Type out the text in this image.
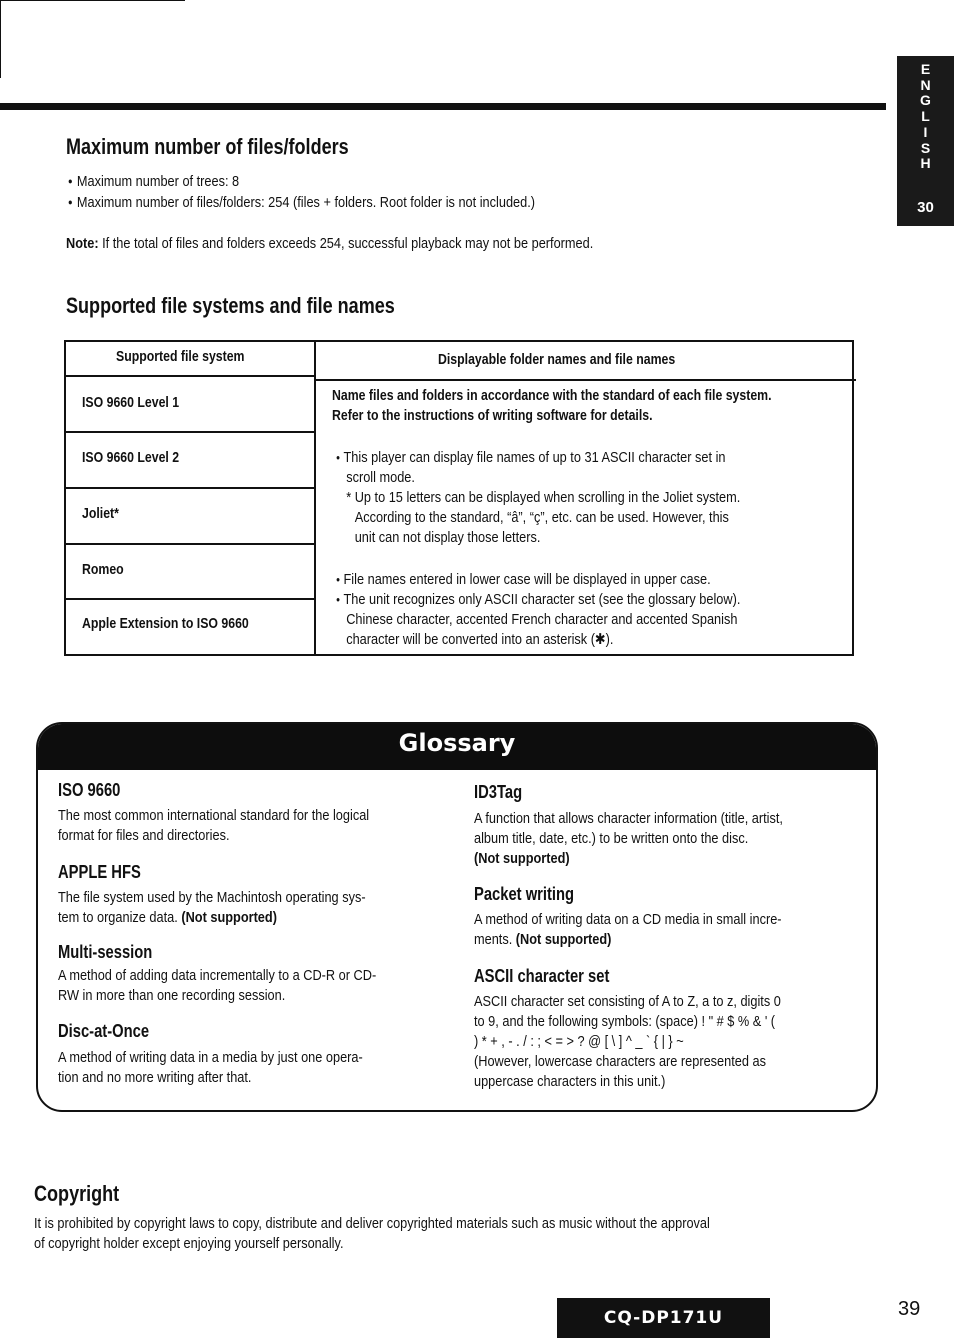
E
N
G
L
I
S
H
30
Maximum number of files/folders
● Maximum number of trees: 8
● Maximum number of files/folders: 254 (files + folders. Root folder is not included.)
Note: If the total of files and folders exceeds 254, successful playback may not be performed.
Supported file systems and file names
Supported file system	Displayable folder names and file names
ISO 9660 Level 1
ISO 9660 Level 2
Joliet*
Romeo
Apple Extension to ISO 9660
Name files and folders in accordance with the standard of each file system.
Refer to the instructions of writing software for details.
● This player can display file names of up to 31 ASCII character set in
scroll mode.
* Up to 15 letters can be displayed when scrolling in the Joliet system.
According to the standard, “â”, “ç”, etc. can be used. However, this
unit can not display those letters.
● File names entered in lower case will be displayed in upper case.
● The unit recognizes only ASCII character set (see the glossary below).
Chinese character, accented French character and accented Spanish
character will be converted into an asterisk (✱).
Glossary
ISO 9660
The most common international standard for the logical
format for files and directories.
APPLE HFS
The file system used by the Machintosh operating sys-
tem to organize data. (Not supported)
Multi-session
A method of adding data incrementally to a CD-R or CD-
RW in more than one recording session.
Disc-at-Once
A method of writing data in a media by just one opera-
tion and no more writing after that.
ID3Tag
A function that allows character information (title, artist,
album title, date, etc.) to be written onto the disc.
(Not supported)
Packet writing
A method of writing data on a CD media in small incre-
ments. (Not supported)
ASCII character set
ASCII character set consisting of A to Z, a to z, digits 0
to 9, and the following symbols: (space) ! " # $ % & ' (
) * + , - . / : ; < = > ? @ [ \ ] ^ _ ` { | } ~
(However, lowercase characters are represented as
uppercase characters in this unit.)
Copyright
It is prohibited by copyright laws to copy, distribute and deliver copyrighted materials such as music without the approval
of copyright holder except enjoying yourself personally.
CQ-DP171U	39
